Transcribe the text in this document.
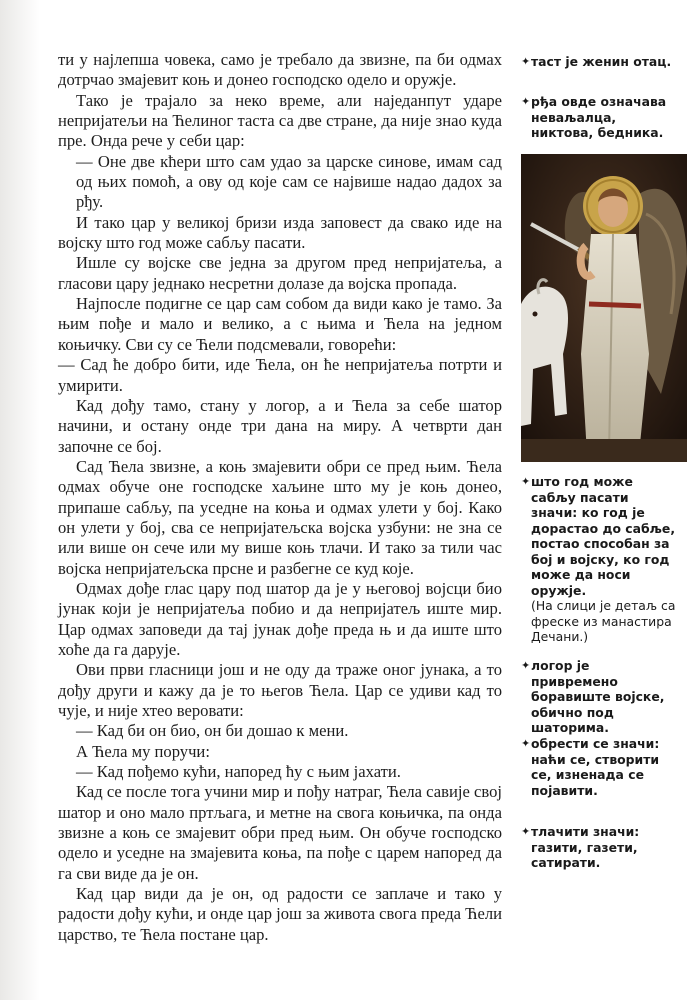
ти у најлепша човека, само је требало да звизне, па би одмах дотрчао змајевит коњ и донео господско одело и оружје.

Тако је трајало за неко време, али наједанпут ударе непријатељи на Ћелиног таста са две стране, да није знао куда пре. Онда рече у себи цар:

— Оне две кћери што сам удао за царске синове, имам сад од њих помоћ, а ову од које сам се највише надао дадох за рђу.

И тако цар у великој бризи изда заповест да свако иде на војску што год може сабљу пасати.

Ишле су војске све једна за другом пред непријатеља, а гласови цару једнако несретни долазе да војска пропада.

Најпосле подигне се цар сам собом да види како је тамо. За њим пође и мало и велико, а с њима и Ћела на једном коњичку. Сви су се Ћели подсмевали, говорећи:

— Сад ће добро бити, иде Ћела, он ће непријатеља потрти и умирити.

Кад дођу тамо, стану у логор, а и Ћела за себе шатор начини, и остану онде три дана на миру. А четврти дан започне се бој.

Сад Ћела звизне, а коњ змајевити обри се пред њим. Ћела одмах обуче оне господске хаљине што му је коњ донео, припаше сабљу, па уседне на коња и одмах улети у бој. Како он улети у бој, сва се непријатељска војска узбуни: не зна се или више он сече или му више коњ тлачи. И тако за тили час војска непријатељска прсне и разбегне се куд које.

Одмах дође глас цару под шатор да је у његовој војсци био јунак који је непријатеља побио и да непријатељ иште мир. Цар одмах заповеди да тај јунак дође преда њ и да иште што хоће да га дарује.

Ови први гласници још и не оду да траже оног јунака, а то дођу други и кажу да је то његов Ћела. Цар се удиви кад то чује, и није хтео веровати:

— Кад би он био, он би дошао к мени.

А Ћела му поручи:

— Кад пођемо кући, напоред ћу с њим јахати.

Кад се после тога учини мир и пођу натраг, Ћела савије свој шатор и оно мало пртљага, и метне на свога коњичка, па онда звизне а коњ се змајевит обри пред њим. Он обуче господско одело и уседне на змајевита коња, па пође с царем напоред да га сви виде да је он.

Кад цар види да је он, од радости се заплаче и тако у радости дођу кући, и онде цар још за живота свога преда Ћели царство, те Ћела постане цар.

✦ таст је женин отац.
✦ рђа овде означава неваљалца, никтова, бедника.
✦ што год може сабљу пасати значи: ко год је дорастао до сабље, постао способан за бој и војску, ко год може да носи оружје.
(На слици је детаљ са фреске из манастира Дечани.)
✦ логор је привремено боравиште војске, обично под шаторима.
✦ обрести се значи: наћи се, створити се, изненада се појавити.
✦ тлачити значи: газити, газети, сатирати.
